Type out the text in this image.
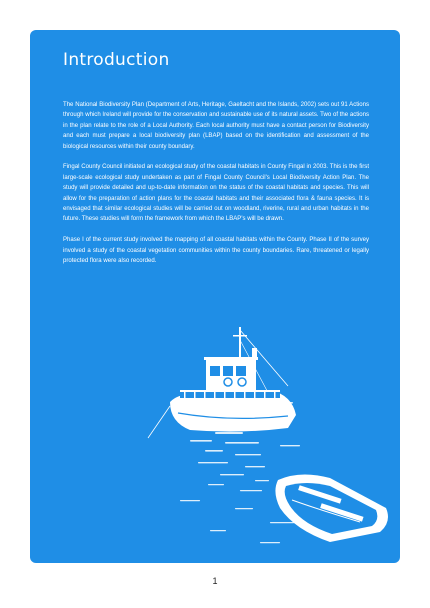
Introduction

The National Biodiversity Plan (Department of Arts, Heritage, Gaeltacht and the Islands, 2002) sets out 91 Actions through which Ireland will provide for the conservation and sustainable use of its natural assets. Two of the actions in the plan relate to the role of a Local Authority. Each local authority must have a contact person for Biodiversity and each must prepare a local biodiversity plan (LBAP) based on the identification and assessment of the biological resources within their county boundary.

Fingal County Council initiated an ecological study of the coastal habitats in County Fingal in 2003. This is the first large-scale ecological study undertaken as part of Fingal County Council's Local Biodiversity Action Plan. The study will provide detailed and up-to-date information on the status of the coastal habitats and species. This will allow for the preparation of action plans for the coastal habitats and their associated flora & fauna species. It is envisaged that similar ecological studies will be carried out on woodland, riverine, rural and urban habitats in the future. These studies will form the framework from which the LBAP's will be drawn.

Phase I of the current study involved the mapping of all coastal habitats within the County. Phase II of the survey involved a study of the coastal vegetation communities within the county boundaries. Rare, threatened or legally protected flora were also recorded.

1
